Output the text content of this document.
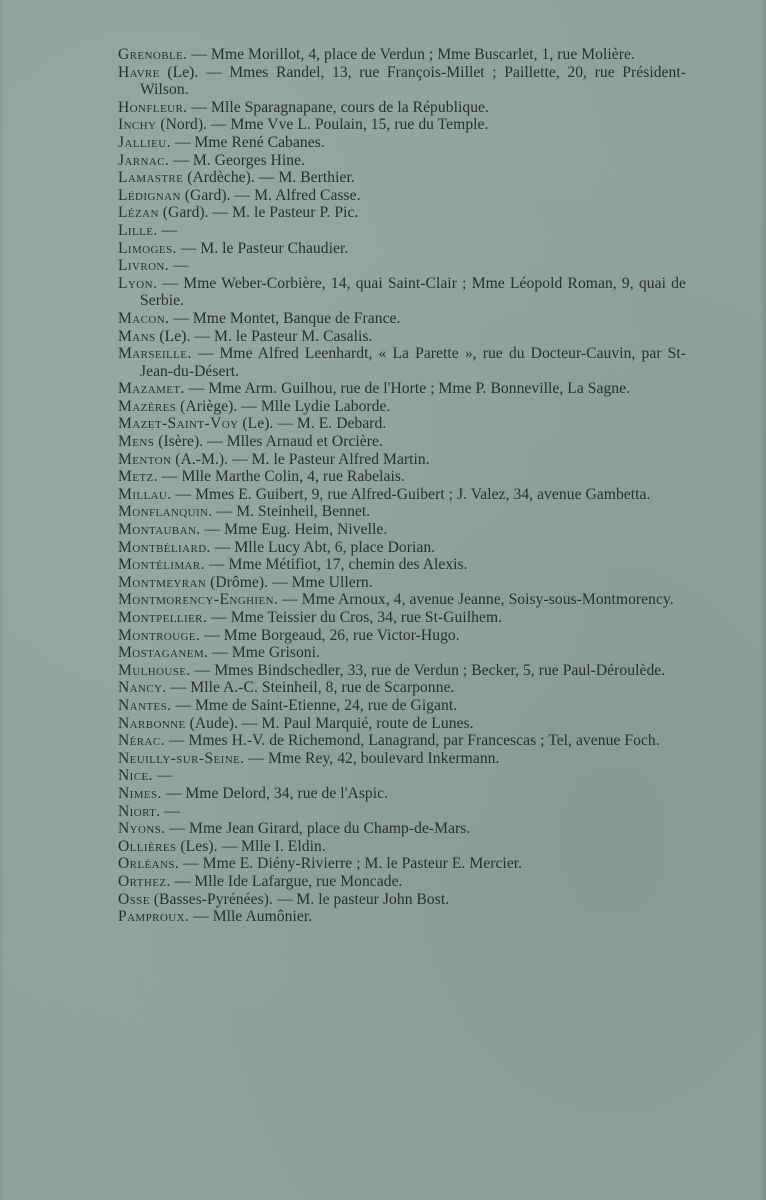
Grenoble. — Mme Morillot, 4, place de Verdun ; Mme Buscarlet, 1, rue Molière.
Havre (Le). — Mmes Randel, 13, rue François-Millet ; Paillette, 20, rue Président-Wilson.
Honfleur. — Mlle Sparagnapane, cours de la République.
Inchy (Nord). — Mme Vve L. Poulain, 15, rue du Temple.
Jallieu. — Mme René Cabanes.
Jarnac. — M. Georges Hine.
Lamastre (Ardèche). — M. Berthier.
Lédignan (Gard). — M. Alfred Casse.
Lézan (Gard). — M. le Pasteur P. Pic.
Lille. —
Limoges. — M. le Pasteur Chaudier.
Livron. —
Lyon. — Mme Weber-Corbière, 14, quai Saint-Clair ; Mme Léopold Roman, 9, quai de Serbie.
Macon. — Mme Montet, Banque de France.
Mans (Le). — M. le Pasteur M. Casalis.
Marseille. — Mme Alfred Leenhardt, « La Parette », rue du Docteur-Cauvin, par St-Jean-du-Désert.
Mazamet. — Mme Arm. Guilhou, rue de l'Horte ; Mme P. Bonneville, La Sagne.
Mazères (Ariège). — Mlle Lydie Laborde.
Mazet-Saint-Voy (Le). — M. E. Debard.
Mens (Isère). — Mlles Arnaud et Orcière.
Menton (A.-M.). — M. le Pasteur Alfred Martin.
Metz. — Mlle Marthe Colin, 4, rue Rabelais.
Millau. — Mmes E. Guibert, 9, rue Alfred-Guibert ; J. Valez, 34, avenue Gambetta.
Monflanquin. — M. Steinheil, Bennet.
Montauban. — Mme Eug. Heim, Nivelle.
Montbéliard. — Mlle Lucy Abt, 6, place Dorian.
Montélimar. — Mme Métifiot, 17, chemin des Alexis.
Montmeyran (Drôme). — Mme Ullern.
Montmorency-Enghien. — Mme Arnoux, 4, avenue Jeanne, Soisy-sous-Montmorency.
Montpellier. — Mme Teissier du Cros, 34, rue St-Guilhem.
Montrouge. — Mme Borgeaud, 26, rue Victor-Hugo.
Mostaganem. — Mme Grisoni.
Mulhouse. — Mmes Bindschedler, 33, rue de Verdun ; Becker, 5, rue Paul-Déroulède.
Nancy. — Mlle A.-C. Steinheil, 8, rue de Scarponne.
Nantes. — Mme de Saint-Etienne, 24, rue de Gigant.
Narbonne (Aude). — M. Paul Marquié, route de Lunes.
Nérac. — Mmes H.-V. de Richemond, Lanagrand, par Francescas ; Tel, avenue Foch.
Neuilly-sur-Seine. — Mme Rey, 42, boulevard Inkermann.
Nice. —
Nimes. — Mme Delord, 34, rue de l'Aspic.
Niort. —
Nyons. — Mme Jean Girard, place du Champ-de-Mars.
Ollières (Les). — Mlle I. Eldin.
Orléans. — Mme E. Diény-Rivierre ; M. le Pasteur E. Mercier.
Orthez. — Mlle Ide Lafargue, rue Moncade.
Osse (Basses-Pyrénées). — M. le pasteur John Bost.
Pamproux. — Mlle Aumônier.
